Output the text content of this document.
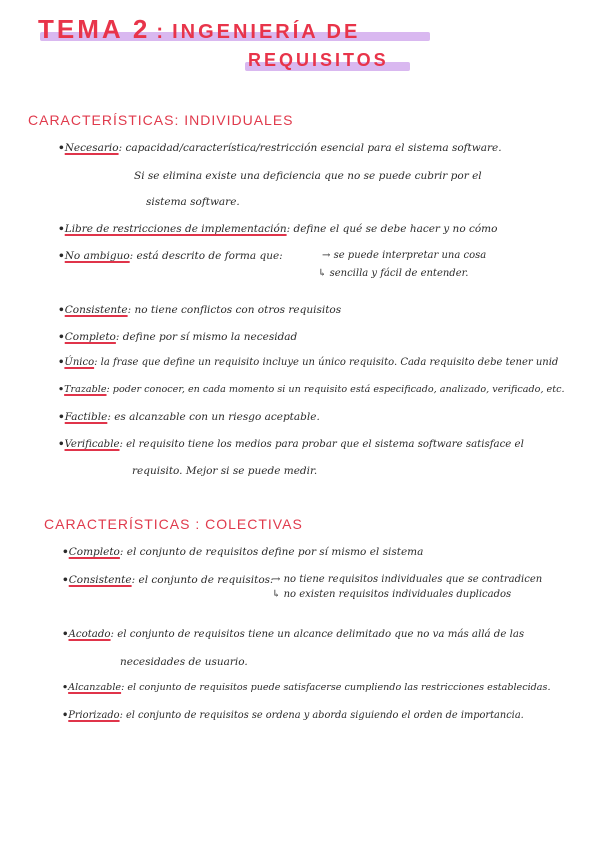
TEMA 2 : INGENIERÍA DE
REQUISITOS
CARACTERÍSTICAS: INDIVIDUALES
•Necesario: capacidad/característica/restricción esencial para el sistema software.
Si se elimina existe una deficiencia que no se puede cubrir por el
sistema software.
•Libre de restricciones de implementación: define el qué se debe hacer y no cómo
•No ambiguo: está descrito de forma que:	→ se puede interpretar una cosa
↳ sencilla y fácil de entender.
•Consistente: no tiene conflictos con otros requisitos
•Completo: define por sí mismo la necesidad
•Único: la frase que define un requisito incluye un único requisito. Cada requisito debe tener unid
•Trazable: poder conocer, en cada momento si un requisito está especificado, analizado, verificado, etc.
•Factible: es alcanzable con un riesgo aceptable.
•Verificable: el requisito tiene los medios para probar que el sistema software satisface el
requisito. Mejor si se puede medir.
CARACTERÍSTICAS : COLECTIVAS
•Completo: el conjunto de requisitos define por sí mismo el sistema
•Consistente: el conjunto de requisitos:
→ no tiene requisitos individuales que se contradicen
↳ no existen requisitos individuales duplicados
•Acotado: el conjunto de requisitos tiene un alcance delimitado que no va más allá de las
necesidades de usuario.
•Alcanzable: el conjunto de requisitos puede satisfacerse cumpliendo las restricciones establecidas.
•Priorizado: el conjunto de requisitos se ordena y aborda siguiendo el orden de importancia.
